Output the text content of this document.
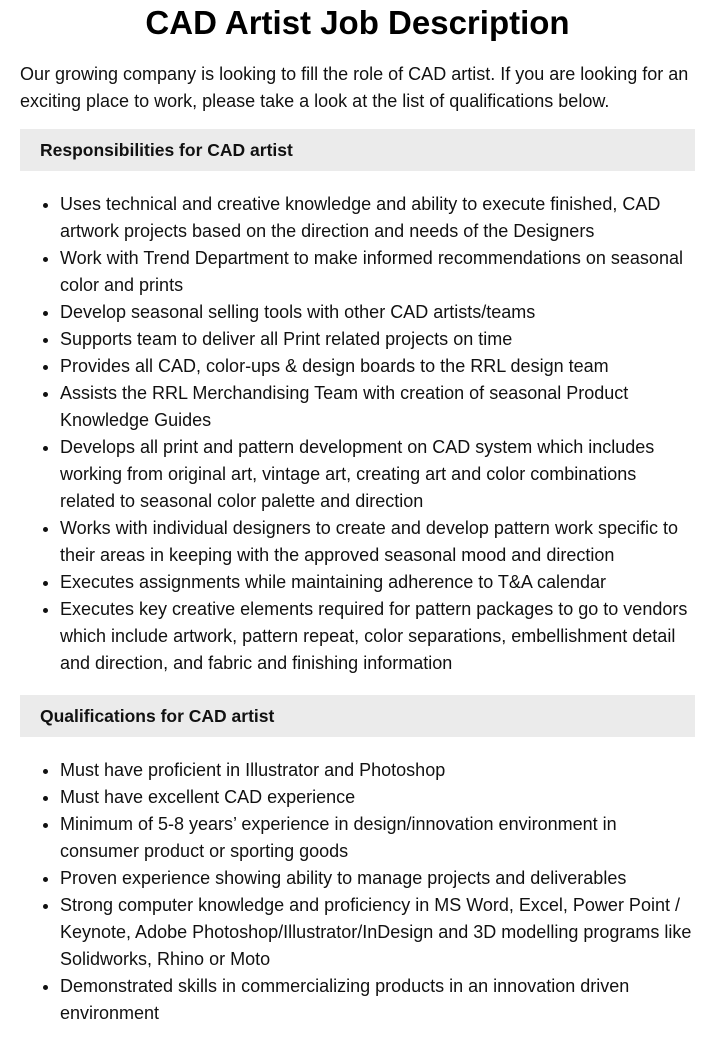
CAD Artist Job Description

Our growing company is looking to fill the role of CAD artist. If you are looking for an exciting place to work, please take a look at the list of qualifications below.

Responsibilities for CAD artist
• Uses technical and creative knowledge and ability to execute finished, CAD artwork projects based on the direction and needs of the Designers
• Work with Trend Department to make informed recommendations on seasonal color and prints
• Develop seasonal selling tools with other CAD artists/teams
• Supports team to deliver all Print related projects on time
• Provides all CAD, color-ups & design boards to the RRL design team
• Assists the RRL Merchandising Team with creation of seasonal Product Knowledge Guides
• Develops all print and pattern development on CAD system which includes working from original art, vintage art, creating art and color combinations related to seasonal color palette and direction
• Works with individual designers to create and develop pattern work specific to their areas in keeping with the approved seasonal mood and direction
• Executes assignments while maintaining adherence to T&A calendar
• Executes key creative elements required for pattern packages to go to vendors which include artwork, pattern repeat, color separations, embellishment detail and direction, and fabric and finishing information
Qualifications for CAD artist
• Must have proficient in Illustrator and Photoshop
• Must have excellent CAD experience
• Minimum of 5-8 years’ experience in design/innovation environment in consumer product or sporting goods
• Proven experience showing ability to manage projects and deliverables
• Strong computer knowledge and proficiency in MS Word, Excel, Power Point / Keynote, Adobe Photoshop/Illustrator/InDesign and 3D modelling programs like Solidworks, Rhino or Moto
• Demonstrated skills in commercializing products in an innovation driven environment
